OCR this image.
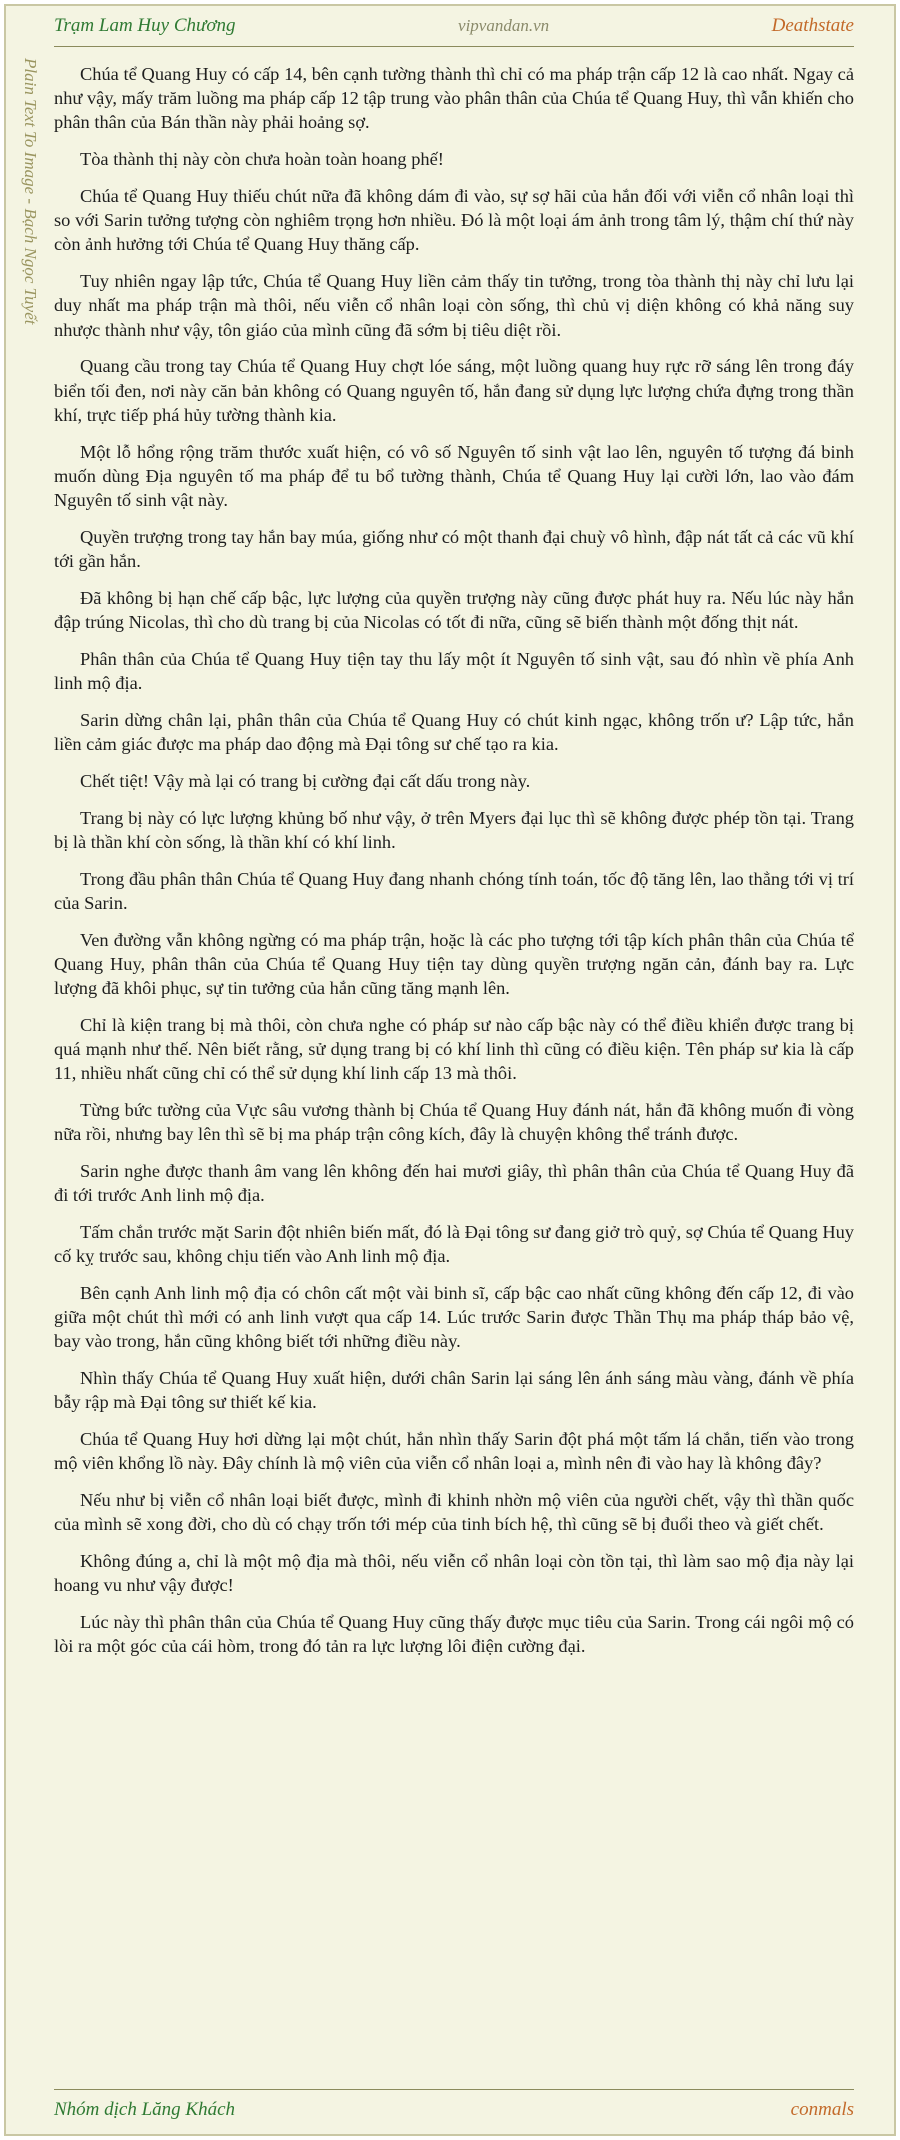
Trạm Lam Huy Chương	vipvandan.vn	Deathstate
Plain Text To Image - Bạch Ngọc Tuyết	Chúa tể Quang Huy có cấp 14, bên cạnh tường thành thì chỉ có ma pháp trận cấp 12 là cao nhất. Ngay cả như vậy, mấy trăm luồng ma pháp cấp 12 tập trung vào phân thân của Chúa tể Quang Huy, thì vẫn khiến cho phân thân của Bán thần này phải hoảng sợ.

Tòa thành thị này còn chưa hoàn toàn hoang phế!

Chúa tể Quang Huy thiếu chút nữa đã không dám đi vào, sự sợ hãi của hắn đối với viễn cổ nhân loại thì so với Sarin tưởng tượng còn nghiêm trọng hơn nhiều. Đó là một loại ám ảnh trong tâm lý, thậm chí thứ này còn ảnh hưởng tới Chúa tể Quang Huy thăng cấp.

Tuy nhiên ngay lập tức, Chúa tể Quang Huy liền cảm thấy tin tưởng, trong tòa thành thị này chỉ lưu lại duy nhất ma pháp trận mà thôi, nếu viễn cổ nhân loại còn sống, thì chủ vị diện không có khả năng suy nhược thành như vậy, tôn giáo của mình cũng đã sớm bị tiêu diệt rồi.

Quang cầu trong tay Chúa tể Quang Huy chợt lóe sáng, một luồng quang huy rực rỡ sáng lên trong đáy biển tối đen, nơi này căn bản không có Quang nguyên tố, hắn đang sử dụng lực lượng chứa đựng trong thần khí, trực tiếp phá hủy tường thành kia.

Một lỗ hổng rộng trăm thước xuất hiện, có vô số Nguyên tố sinh vật lao lên, nguyên tố tượng đá binh muốn dùng Địa nguyên tố ma pháp để tu bổ tường thành, Chúa tể Quang Huy lại cười lớn, lao vào đám Nguyên tố sinh vật này.

Quyền trượng trong tay hắn bay múa, giống như có một thanh đại chuỳ vô hình, đập nát tất cả các vũ khí tới gần hắn.

Đã không bị hạn chế cấp bậc, lực lượng của quyền trượng này cũng được phát huy ra. Nếu lúc này hắn đập trúng Nicolas, thì cho dù trang bị của Nicolas có tốt đi nữa, cũng sẽ biến thành một đống thịt nát.

Phân thân của Chúa tể Quang Huy tiện tay thu lấy một ít Nguyên tố sinh vật, sau đó nhìn về phía Anh linh mộ địa.

Sarin dừng chân lại, phân thân của Chúa tể Quang Huy có chút kinh ngạc, không trốn ư? Lập tức, hắn liền cảm giác được ma pháp dao động mà Đại tông sư chế tạo ra kia.

Chết tiệt! Vậy mà lại có trang bị cường đại cất dấu trong này.

Trang bị này có lực lượng khủng bố như vậy, ở trên Myers đại lục thì sẽ không được phép tồn tại. Trang bị là thần khí còn sống, là thần khí có khí linh.

Trong đầu phân thân Chúa tể Quang Huy đang nhanh chóng tính toán, tốc độ tăng lên, lao thẳng tới vị trí của Sarin.

Ven đường vẫn không ngừng có ma pháp trận, hoặc là các pho tượng tới tập kích phân thân của Chúa tể Quang Huy, phân thân của Chúa tể Quang Huy tiện tay dùng quyền trượng ngăn cản, đánh bay ra. Lực lượng đã khôi phục, sự tin tưởng của hắn cũng tăng mạnh lên.

Chỉ là kiện trang bị mà thôi, còn chưa nghe có pháp sư nào cấp bậc này có thể điều khiển được trang bị quá mạnh như thế. Nên biết rằng, sử dụng trang bị có khí linh thì cũng có điều kiện. Tên pháp sư kia là cấp 11, nhiều nhất cũng chỉ có thể sử dụng khí linh cấp 13 mà thôi.

Từng bức tường của Vực sâu vương thành bị Chúa tể Quang Huy đánh nát, hắn đã không muốn đi vòng nữa rồi, nhưng bay lên thì sẽ bị ma pháp trận công kích, đây là chuyện không thể tránh được.

Sarin nghe được thanh âm vang lên không đến hai mươi giây, thì phân thân của Chúa tể Quang Huy đã đi tới trước Anh linh mộ địa.

Tấm chắn trước mặt Sarin đột nhiên biến mất, đó là Đại tông sư đang giở trò quỷ, sợ Chúa tể Quang Huy cố kỵ trước sau, không chịu tiến vào Anh linh mộ địa.

Bên cạnh Anh linh mộ địa có chôn cất một vài binh sĩ, cấp bậc cao nhất cũng không đến cấp 12, đi vào giữa một chút thì mới có anh linh vượt qua cấp 14. Lúc trước Sarin được Thần Thụ ma pháp tháp bảo vệ, bay vào trong, hắn cũng không biết tới những điều này.

Nhìn thấy Chúa tể Quang Huy xuất hiện, dưới chân Sarin lại sáng lên ánh sáng màu vàng, đánh về phía bẫy rập mà Đại tông sư thiết kế kia.

Chúa tể Quang Huy hơi dừng lại một chút, hắn nhìn thấy Sarin đột phá một tấm lá chắn, tiến vào trong mộ viên khổng lồ này. Đây chính là mộ viên của viễn cổ nhân loại a, mình nên đi vào hay là không đây?

Nếu như bị viễn cổ nhân loại biết được, mình đi khinh nhờn mộ viên của người chết, vậy thì thần quốc của mình sẽ xong đời, cho dù có chạy trốn tới mép của tinh bích hệ, thì cũng sẽ bị đuổi theo và giết chết.

Không đúng a, chỉ là một mộ địa mà thôi, nếu viễn cổ nhân loại còn tồn tại, thì làm sao mộ địa này lại hoang vu như vậy được!

Lúc này thì phân thân của Chúa tể Quang Huy cũng thấy được mục tiêu của Sarin. Trong cái ngôi mộ có lòi ra một góc của cái hòm, trong đó tản ra lực lượng lôi điện cường đại.

Nhóm dịch Lăng Khách	conmals
